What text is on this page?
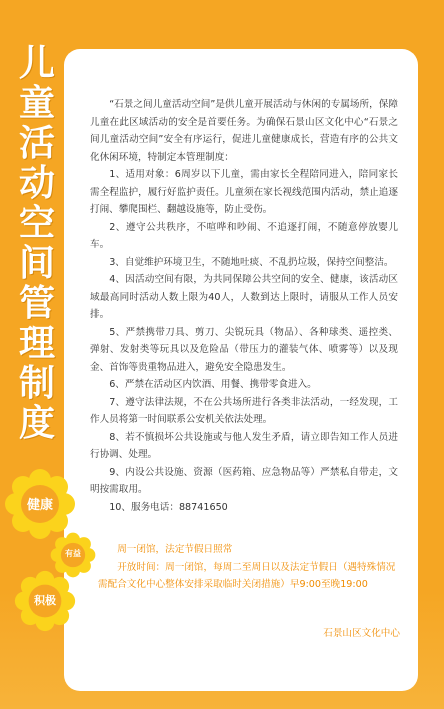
儿
童
活
动
空
间
管
理
制
度

“石景之间儿童活动空间”是供儿童开展活动与休闲的专属场所，保障儿童在此区域活动的安全是首要任务。为确保石景山区文化中心“石景之间儿童活动空间”安全有序运行，促进儿童健康成长，营造有序的公共文化休闲环境，特制定本管理制度：

1、适用对象：6周岁以下儿童，需由家长全程陪同进入，陪同家长需全程监护，履行好监护责任。儿童须在家长视线范围内活动，禁止追逐打闹、攀爬围栏、翻越设施等，防止受伤。

2、遵守公共秩序，不喧哗和吵闹、不追逐打闹，不随意停放婴儿车。

3、自觉维护环境卫生，不随地吐痰、不乱扔垃圾，保持空间整洁。

4、因活动空间有限，为共同保障公共空间的安全、健康，该活动区域最高同时活动人数上限为40人，人数到达上限时，请服从工作人员安排。

5、严禁携带刀具、剪刀、尖锐玩具（物品）、各种球类、遥控类、弹射、发射类等玩具以及危险品（带压力的灌装气体、喷雾等）以及现金、首饰等贵重物品进入，避免安全隐患发生。

6、严禁在活动区内饮酒、用餐、携带零食进入。

7、遵守法律法规，不在公共场所进行各类非法活动，一经发现，工作人员将第一时间联系公安机关依法处理。

8、若不慎损坏公共设施或与他人发生矛盾，请立即告知工作人员进行协调、处理。

9、内设公共设施、资源（医药箱、应急物品等）严禁私自带走，文明按需取用。

10、服务电话：88741650

周一闭馆，法定节假日照常

开放时间：周一闭馆，每周二至周日以及法定节假日（遇特殊情况需配合文化中心整体安排采取临时关闭措施）早9:00至晚19:00

石景山区文化中心
健康
有益
积极
